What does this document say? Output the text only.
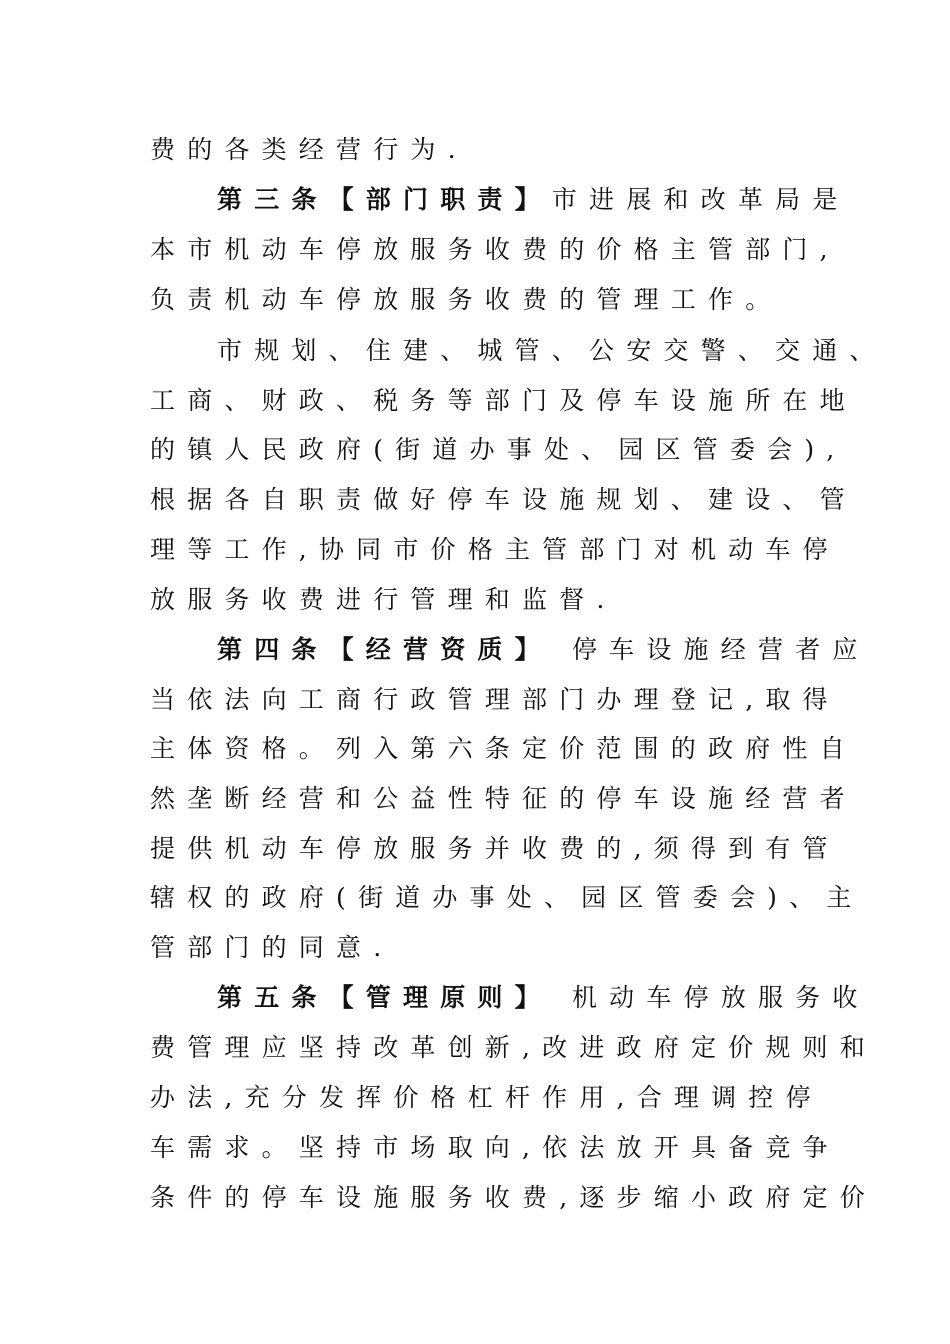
费的各类经营行为.
第三条【部门职责】市进展和改革局是
本市机动车停放服务收费的价格主管部门,
负责机动车停放服务收费的管理工作。
市规划、住建、城管、公安交警、交通、
工商、财政、税务等部门及停车设施所在地
的镇人民政府(街道办事处、园区管委会),
根据各自职责做好停车设施规划、建设、管
理等工作,协同市价格主管部门对机动车停
放服务收费进行管理和监督.
第四条【经营资质】 停车设施经营者应
当依法向工商行政管理部门办理登记,取得
主体资格。列入第六条定价范围的政府性自
然垄断经营和公益性特征的停车设施经营者
提供机动车停放服务并收费的,须得到有管
辖权的政府(街道办事处、园区管委会)、主
管部门的同意.
第五条【管理原则】 机动车停放服务收
费管理应坚持改革创新,改进政府定价规则和
办法,充分发挥价格杠杆作用,合理调控停
车需求。坚持市场取向,依法放开具备竞争
条件的停车设施服务收费,逐步缩小政府定价
